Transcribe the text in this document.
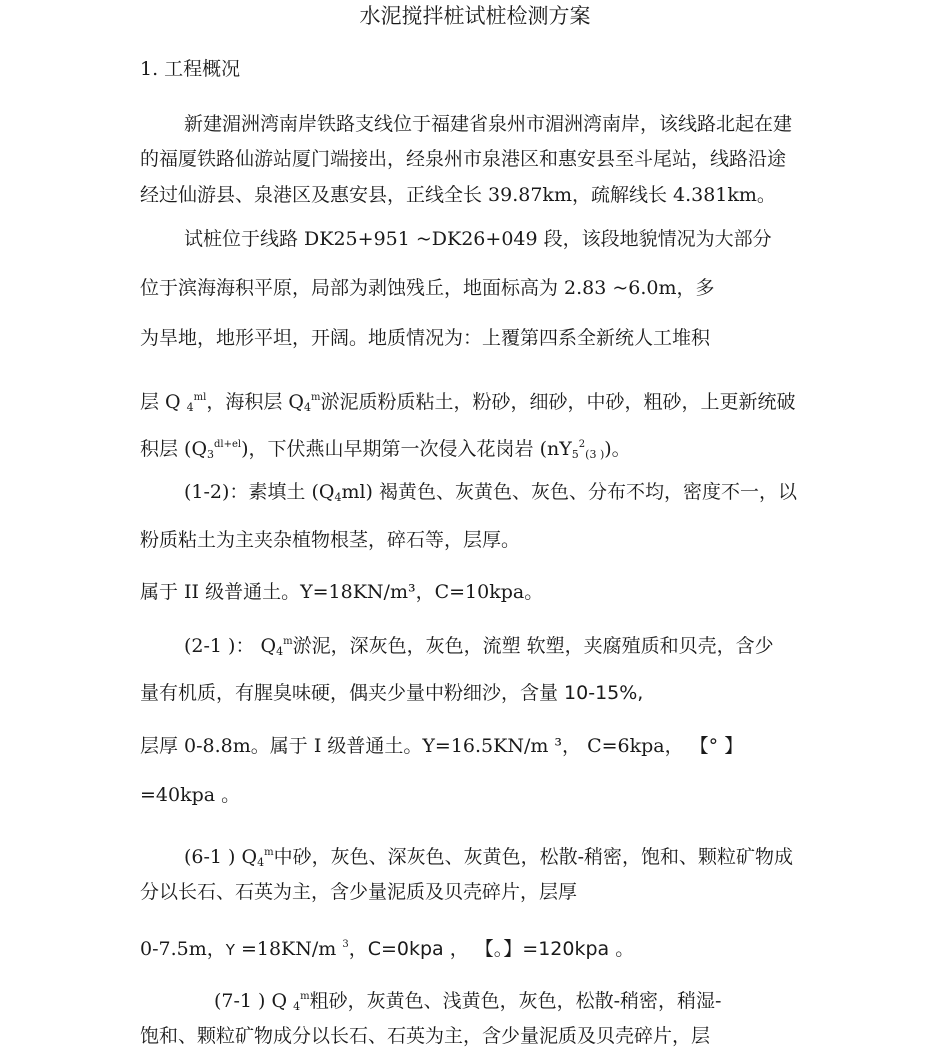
水泥搅拌桩试桩检测方案
1. 工程概况
新建湄洲湾南岸铁路支线位于福建省泉州市湄洲湾南岸，该线路北起在建
的福厦铁路仙游站厦门端接出，经泉州市泉港区和惠安县至斗尾站，线路沿途
经过仙游县、泉港区及惠安县，正线全长 39.87km，疏解线长 4.381km。
试桩位于线路 DK25+951 ~DK26+049 段，该段地貌情况为大部分
位于滨海海积平原，局部为剥蚀残丘，地面标高为 2.83 ~6.0m，多
为旱地，地形平坦，开阔。地质情况为：上覆第四系全新统人工堆积
层 Q $_4^{ml}$，海积层 $Q_4^m$淤泥质粉质粘土，粉砂，细砂，中砂，粗砂，上更新统破
积层 $(Q_3^{dl+el})$，下伏燕山早期第一次侵入花岗岩 $(nY_5^2_{(3 )})$。
(1-2)：素填土 $(Q_4ml)$ 褐黄色、灰黄色、灰色、分布不均，密度不一，以
粉质粘土为主夹杂植物根茎，碎石等，层厚。
属于 II 级普通土。Y=18KN/m³，C=10kpa。
(2-1 )： $Q_4^m$淤泥，深灰色，灰色，流塑 软塑，夹腐殖质和贝壳，含少
量有机质，有腥臭味硬，偶夹少量中粉细沙，含量 10-15%,
层厚 0-8.8m。属于 I 级普通土。Y=16.5KN/m ³， C=6kpa， 【° 】
=40kpa 。
(6-1 ) $Q_4^m$中砂，灰色、深灰色、灰黄色，松散-稍密，饱和、颗粒矿物成
分以长石、石英为主，含少量泥质及贝壳碎片，层厚
0-7.5m，Y =18KN/m $^3$，C=0kpa ， 【。】=120kpa 。
(7-1 ) Q $_4^m$粗砂，灰黄色、浅黄色，灰色，松散-稍密，稍湿-
饱和、颗粒矿物成分以长石、石英为主，含少量泥质及贝壳碎片，层
